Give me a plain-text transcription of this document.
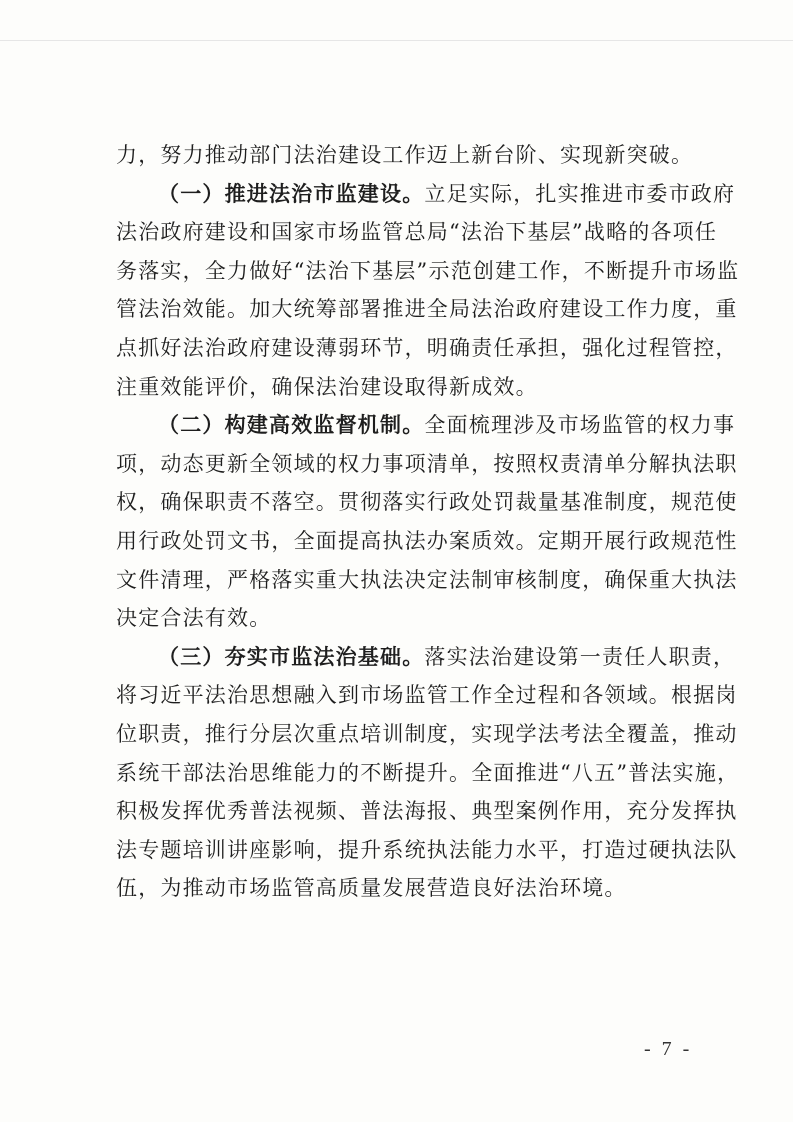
力，努力推动部门法治建设工作迈上新台阶、实现新突破。
（一）推进法治市监建设。立足实际，扎实推进市委市政府
法治政府建设和国家市场监管总局“法治下基层”战略的各项任
务落实，全力做好“法治下基层”示范创建工作，不断提升市场监
管法治效能。加大统筹部署推进全局法治政府建设工作力度，重
点抓好法治政府建设薄弱环节，明确责任承担，强化过程管控，
注重效能评价，确保法治建设取得新成效。
（二）构建高效监督机制。全面梳理涉及市场监管的权力事
项，动态更新全领域的权力事项清单，按照权责清单分解执法职
权，确保职责不落空。贯彻落实行政处罚裁量基准制度，规范使
用行政处罚文书，全面提高执法办案质效。定期开展行政规范性
文件清理，严格落实重大执法决定法制审核制度，确保重大执法
决定合法有效。
（三）夯实市监法治基础。落实法治建设第一责任人职责，
将习近平法治思想融入到市场监管工作全过程和各领域。根据岗
位职责，推行分层次重点培训制度，实现学法考法全覆盖，推动
系统干部法治思维能力的不断提升。全面推进“八五”普法实施，
积极发挥优秀普法视频、普法海报、典型案例作用，充分发挥执
法专题培训讲座影响，提升系统执法能力水平，打造过硬执法队
伍，为推动市场监管高质量发展营造良好法治环境。
- 7 -
